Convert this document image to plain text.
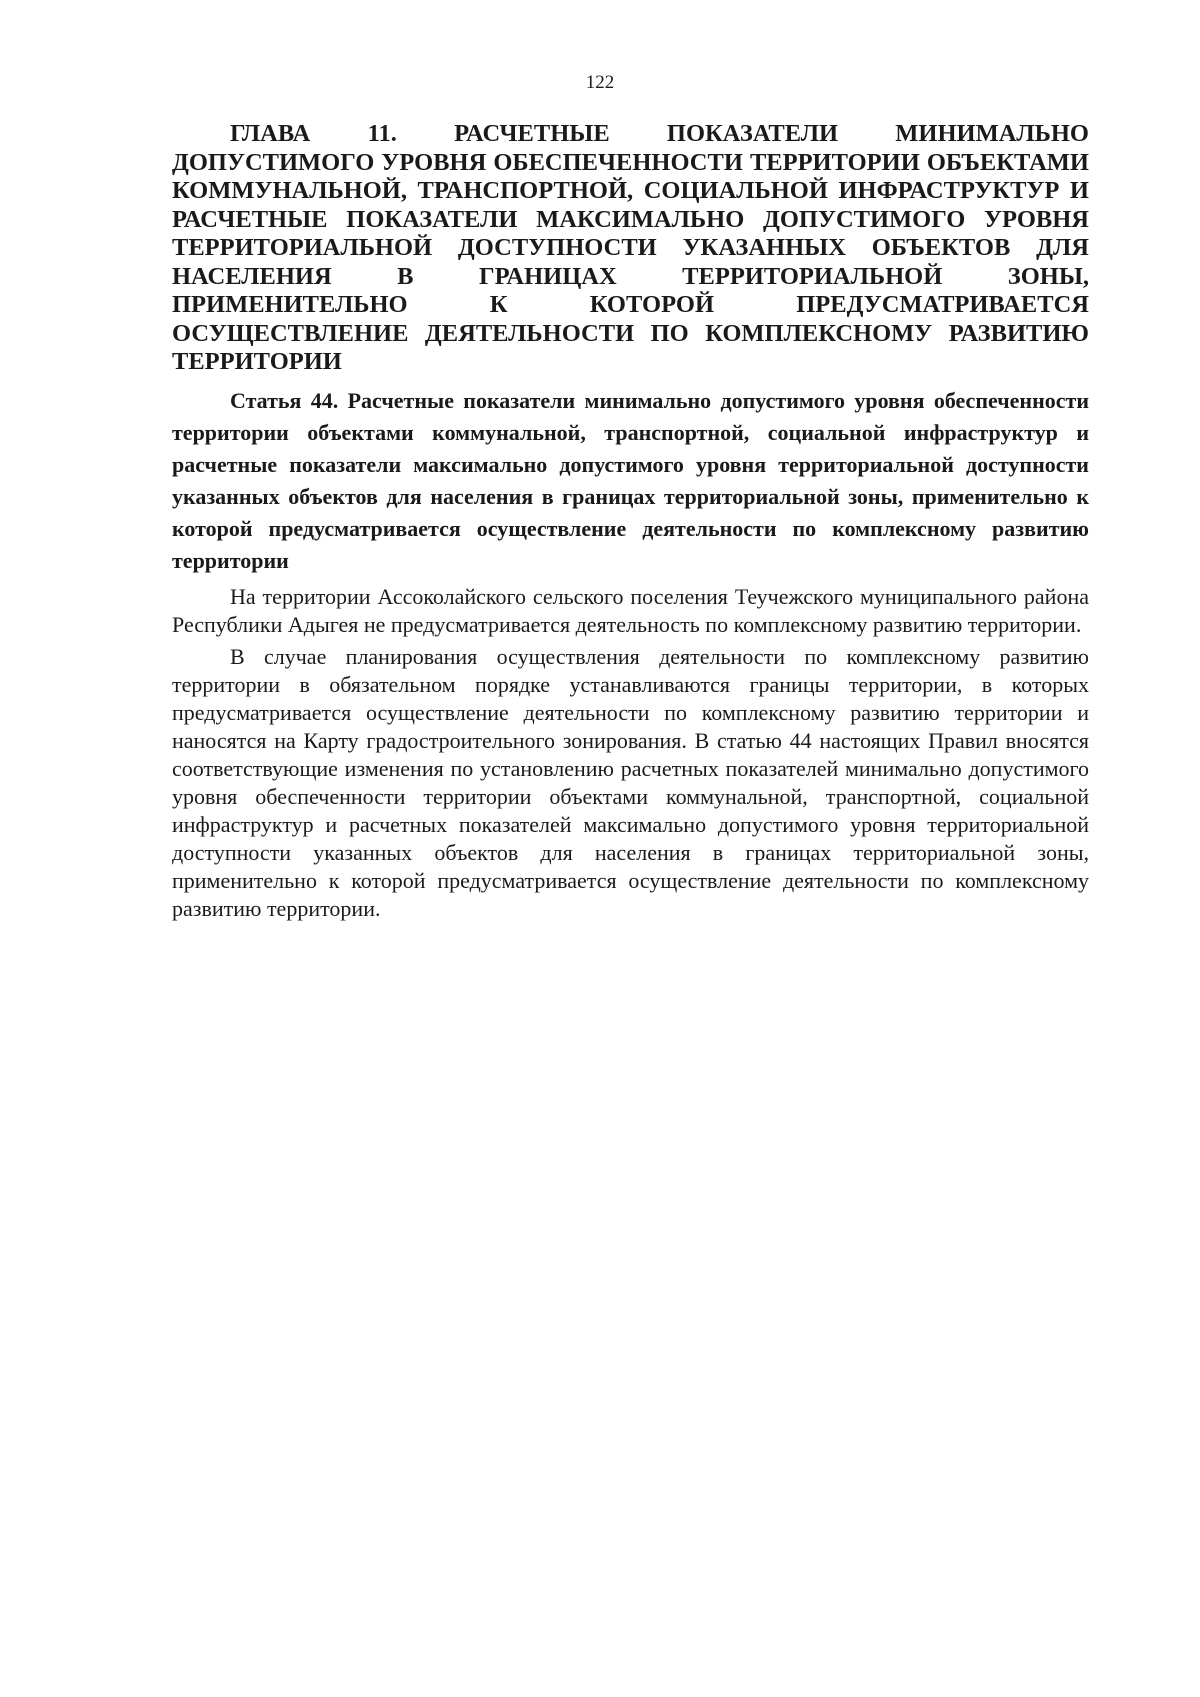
122
ГЛАВА 11. РАСЧЕТНЫЕ ПОКАЗАТЕЛИ МИНИМАЛЬНО ДОПУСТИМОГО УРОВНЯ ОБЕСПЕЧЕННОСТИ ТЕРРИТОРИИ ОБЪЕКТАМИ КОММУНАЛЬНОЙ, ТРАНСПОРТНОЙ, СОЦИАЛЬНОЙ ИНФРАСТРУКТУР И РАСЧЕТНЫЕ ПОКАЗАТЕЛИ МАКСИМАЛЬНО ДОПУСТИМОГО УРОВНЯ ТЕРРИТОРИАЛЬНОЙ ДОСТУПНОСТИ УКАЗАННЫХ ОБЪЕКТОВ ДЛЯ НАСЕЛЕНИЯ В ГРАНИЦАХ ТЕРРИТОРИАЛЬНОЙ ЗОНЫ, ПРИМЕНИТЕЛЬНО К КОТОРОЙ ПРЕДУСМАТРИВАЕТСЯ ОСУЩЕСТВЛЕНИЕ ДЕЯТЕЛЬНОСТИ ПО КОМПЛЕКСНОМУ РАЗВИТИЮ ТЕРРИТОРИИ
Статья 44. Расчетные показатели минимально допустимого уровня обеспеченности территории объектами коммунальной, транспортной, социальной инфраструктур и расчетные показатели максимально допустимого уровня территориальной доступности указанных объектов для населения в границах территориальной зоны, применительно к которой предусматривается осуществление деятельности по комплексному развитию территории

На территории Ассоколайского сельского поселения Теучежского муниципального района Республики Адыгея не предусматривается деятельность по комплексному развитию территории.

В случае планирования осуществления деятельности по комплексному развитию территории в обязательном порядке устанавливаются границы территории, в которых предусматривается осуществление деятельности по комплексному развитию территории и наносятся на Карту градостроительного зонирования. В статью 44 настоящих Правил вносятся соответствующие изменения по установлению расчетных показателей минимально допустимого уровня обеспеченности территории объектами коммунальной, транспортной, социальной инфраструктур и расчетных показателей максимально допустимого уровня территориальной доступности указанных объектов для населения в границах территориальной зоны, применительно к которой предусматривается осуществление деятельности по комплексному развитию территории.
